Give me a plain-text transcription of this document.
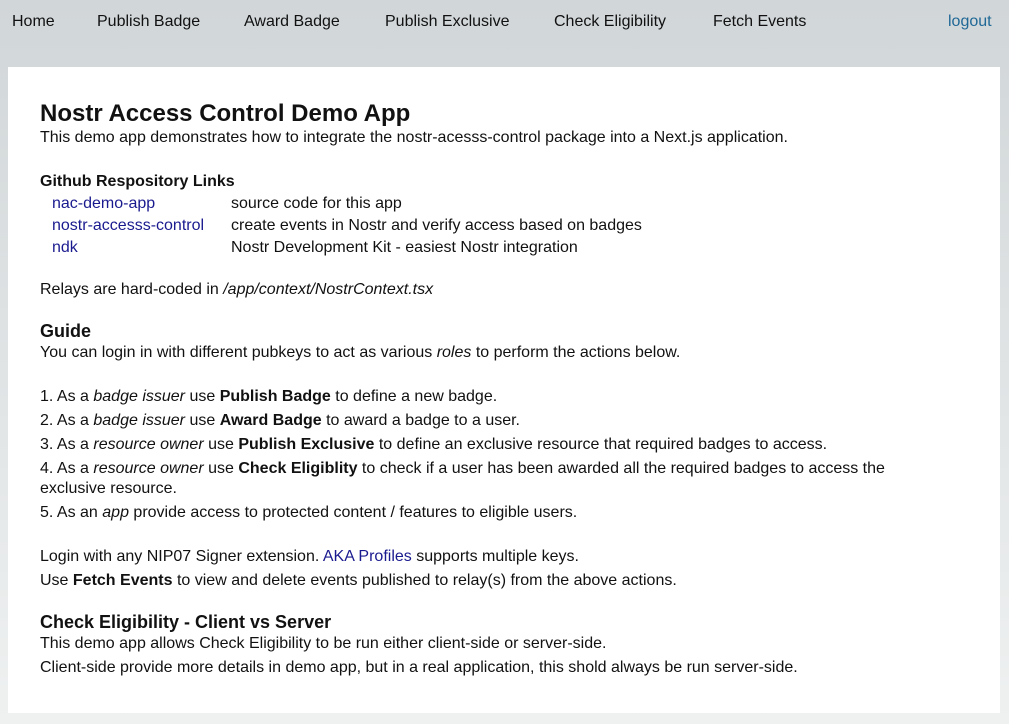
Home	Publish Badge	Award Badge	Publish Exclusive	Check Eligibility	Fetch Events	logout
Nostr Access Control Demo App
This demo app demonstrates how to integrate the nostr-acesss-control package into a Next.js application.
Github Respository Links
nac-demo-app	source code for this app
nostr-accesss-control create events in Nostr and verify access based on badges
ndk	Nostr Development Kit - easiest Nostr integration
Relays are hard-coded in /app/context/NostrContext.tsx
Guide
You can login in with different pubkeys to act as various roles to perform the actions below.
1. As a badge issuer use Publish Badge to define a new badge.
2. As a badge issuer use Award Badge to award a badge to a user.
3. As a resource owner use Publish Exclusive to define an exclusive resource that required badges to access.
4. As a resource owner use Check Eligiblity to check if a user has been awarded all the required badges to access the exclusive resource.
5. As an app provide access to protected content / features to eligible users.
Login with any NIP07 Signer extension. AKA Profiles supports multiple keys.
Use Fetch Events to view and delete events published to relay(s) from the above actions.
Check Eligibility - Client vs Server
This demo app allows Check Eligibility to be run either client-side or server-side.
Client-side provide more details in demo app, but in a real application, this shold always be run server-side.
